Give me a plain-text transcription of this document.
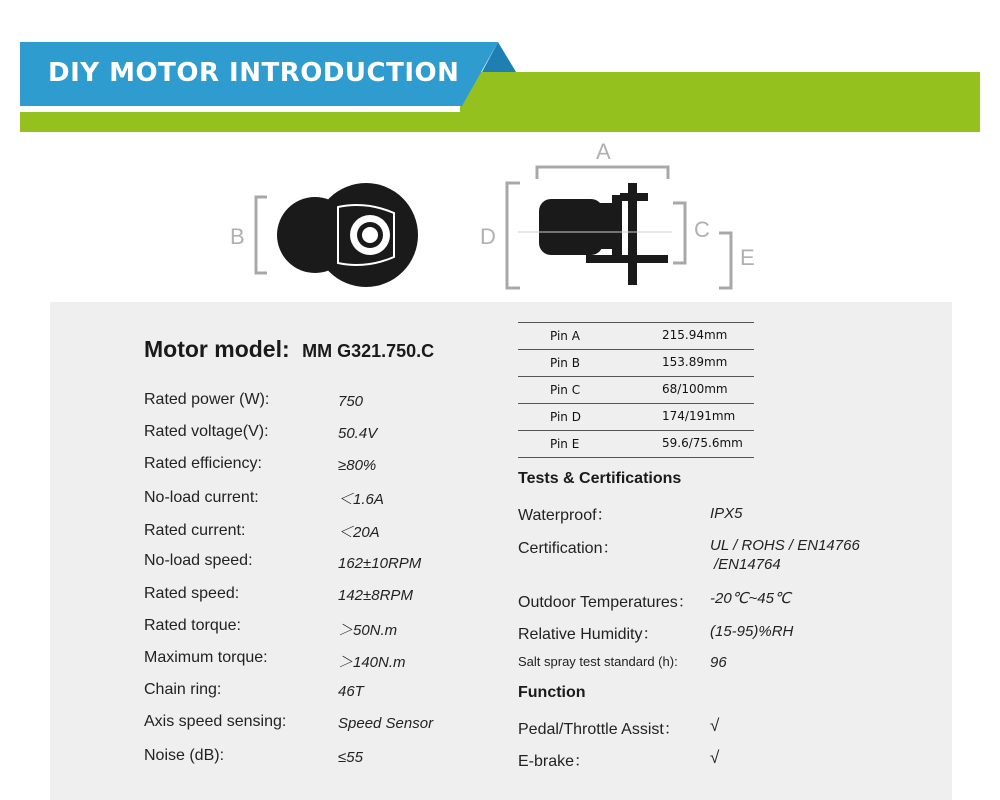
DIY MOTOR INTRODUCTION
B
A
D	C
E
Motor model: MM G321.750.C
Rated power (W):	750
Rated voltage(V):	50.4V
Rated efficiency:	≥80%
No-load current:	＜1.6A
Rated current:	＜20A
No-load speed:	162±10RPM
Rated speed:	142±8RPM
Rated torque:	＞50N.m
Maximum torque:	＞140N.m
Chain ring:	46T
Axis speed sensing:	Speed Sensor
Noise (dB):	≤55
Pin A	215.94mm
Pin B	153.89mm
Pin C	68/100mm
Pin D	174/191mm
Pin E	59.6/75.6mm
Tests & Certifications
Waterproof：	IPX5
Certification：	UL / ROHS / EN14766
/EN14764
Outdoor Temperatures： -20℃~45℃
Relative Humidity：	(15-95)%RH
Salt spray test standard (h): 96
Function
Pedal/Throttle Assist： √
E-brake：	√
